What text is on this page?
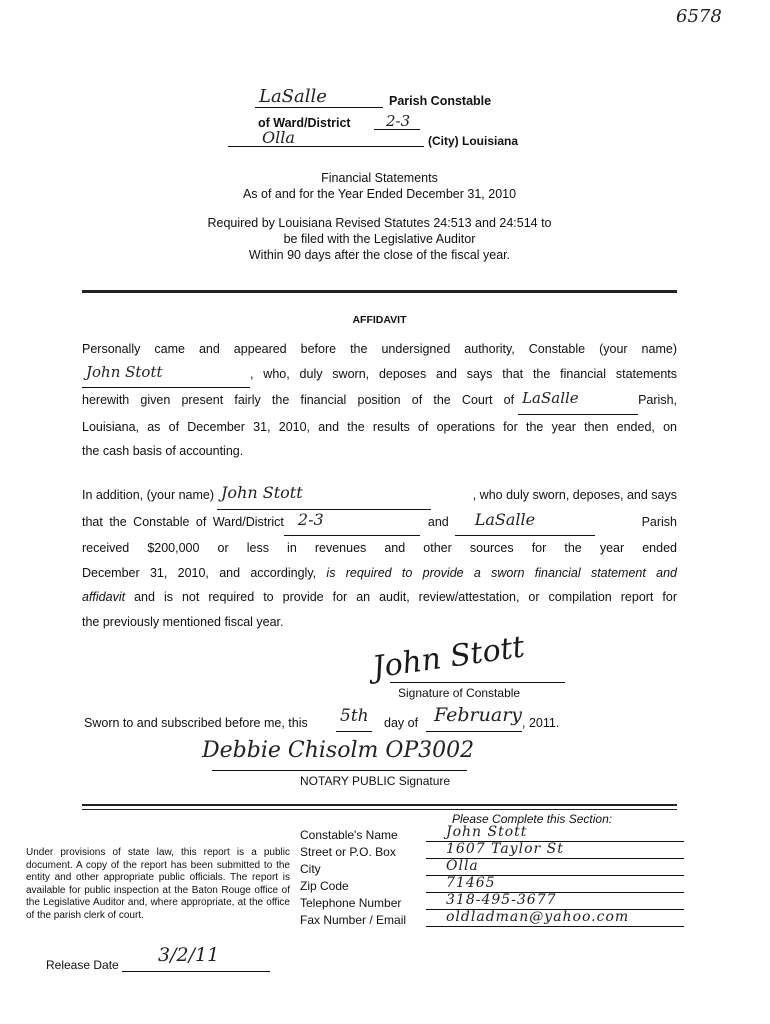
6578
LaSalle	Parish Constable
of Ward/District 2-3
Olla	(City) Louisiana
Financial Statements
As of and for the Year Ended December 31, 2010
Required by Louisiana Revised Statutes 24:513 and 24:514 to
be filed with the Legislative Auditor
Within 90 days after the close of the fiscal year.
AFFIDAVIT
Personally came and appeared before the undersigned authority, Constable (your name)
John Stott	, who, duly sworn, deposes and says that the financial statements
herewith given present fairly the financial position of the Court of LaSalle	Parish,
Louisiana, as of December 31, 2010, and the results of operations for the year then ended, on
the cash basis of accounting.
In addition, (your name) John Stott	, who duly sworn, deposes, and says
that the Constable of Ward/District 2-3	and	LaSalle	Parish
received $200,000 or less in revenues and other sources for the year ended
December 31, 2010, and accordingly, is required to provide a sworn financial statement and
affidavit and is not required to provide for an audit, review/attestation, or compilation report for
the previously mentioned fiscal year.
John Stott
Signature of Constable
Sworn to and subscribed before me, this 5th day of February , 2011.
Debbie Chisolm OP3002
NOTARY PUBLIC Signature
Under provisions of state law, this report is a public document. A copy of the report has been submitted to the entity and other appropriate public officials. The report is available for public inspection at the Baton Rouge office of the Legislative Auditor and, where appropriate, at the office of the parish clerk of court.
Release Date 3/2/11
Please Complete this Section:
Constable's Name	John Stott
Street or P.O. Box	1607 Taylor St
City	Olla
Zip Code	71465
Telephone Number	318-495-3677
Fax Number / Email	oldladman@yahoo.com
